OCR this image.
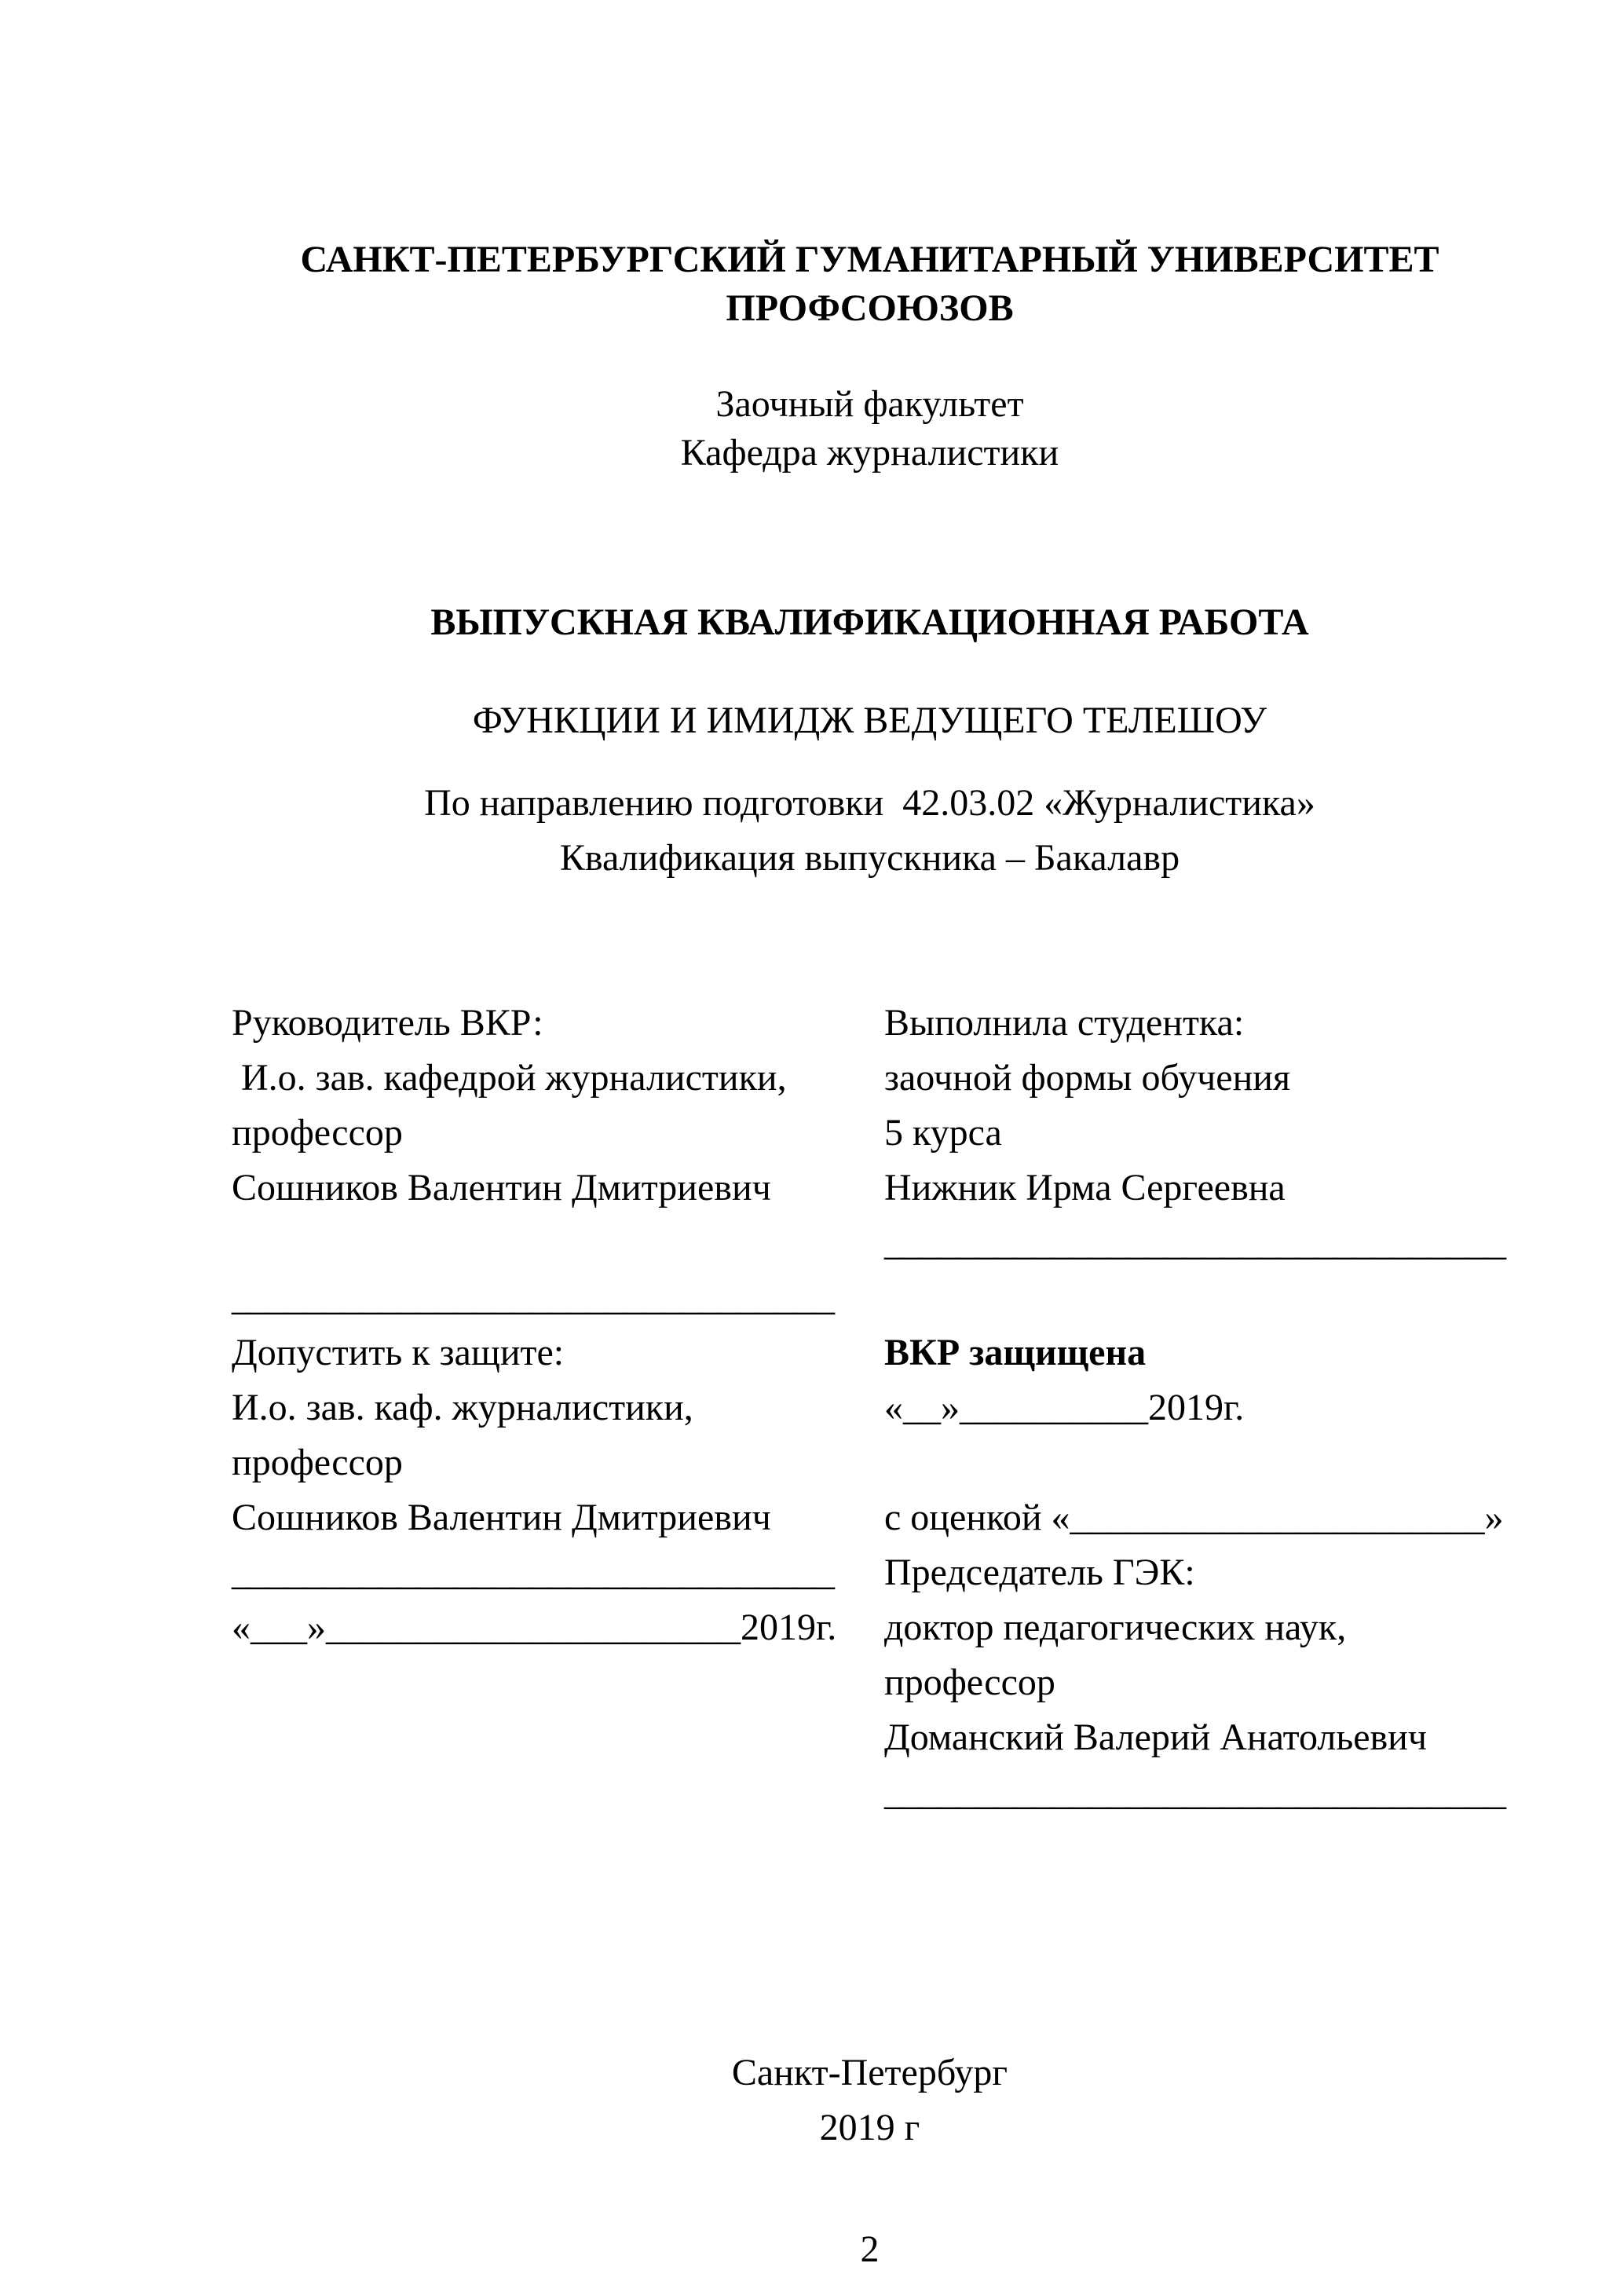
САНКТ-ПЕТЕРБУРГСКИЙ ГУМАНИТАРНЫЙ УНИВЕРСИТЕТ
ПРОФСОЮЗОВ
Заочный факультет
Кафедра журналистики
ВЫПУСКНАЯ КВАЛИФИКАЦИОННАЯ РАБОТА
ФУНКЦИИ И ИМИДЖ ВЕДУЩЕГО ТЕЛЕШОУ
По направлению подготовки  42.03.02 «Журналистика»
Квалификация выпускника – Бакалавр
Руководитель ВКР:
И.о. зав. кафедрой журналистики,
профессор
Сошников Валентин Дмитриевич
Выполнила студентка:
заочной формы обучения
5 курса
Нижник Ирма Сергеевна
_________________________________
________________________________
Допустить к защите:
И.о. зав. каф. журналистики,
профессор
Сошников Валентин Дмитриевич
________________________________
«___»______________________2019г.
ВКР защищена «__»__________2019г.
с оценкой «______________________»
Председатель ГЭК:
доктор педагогических наук,
профессор
Доманский Валерий Анатольевич
_________________________________
Санкт-Петербург
2019 г
2
